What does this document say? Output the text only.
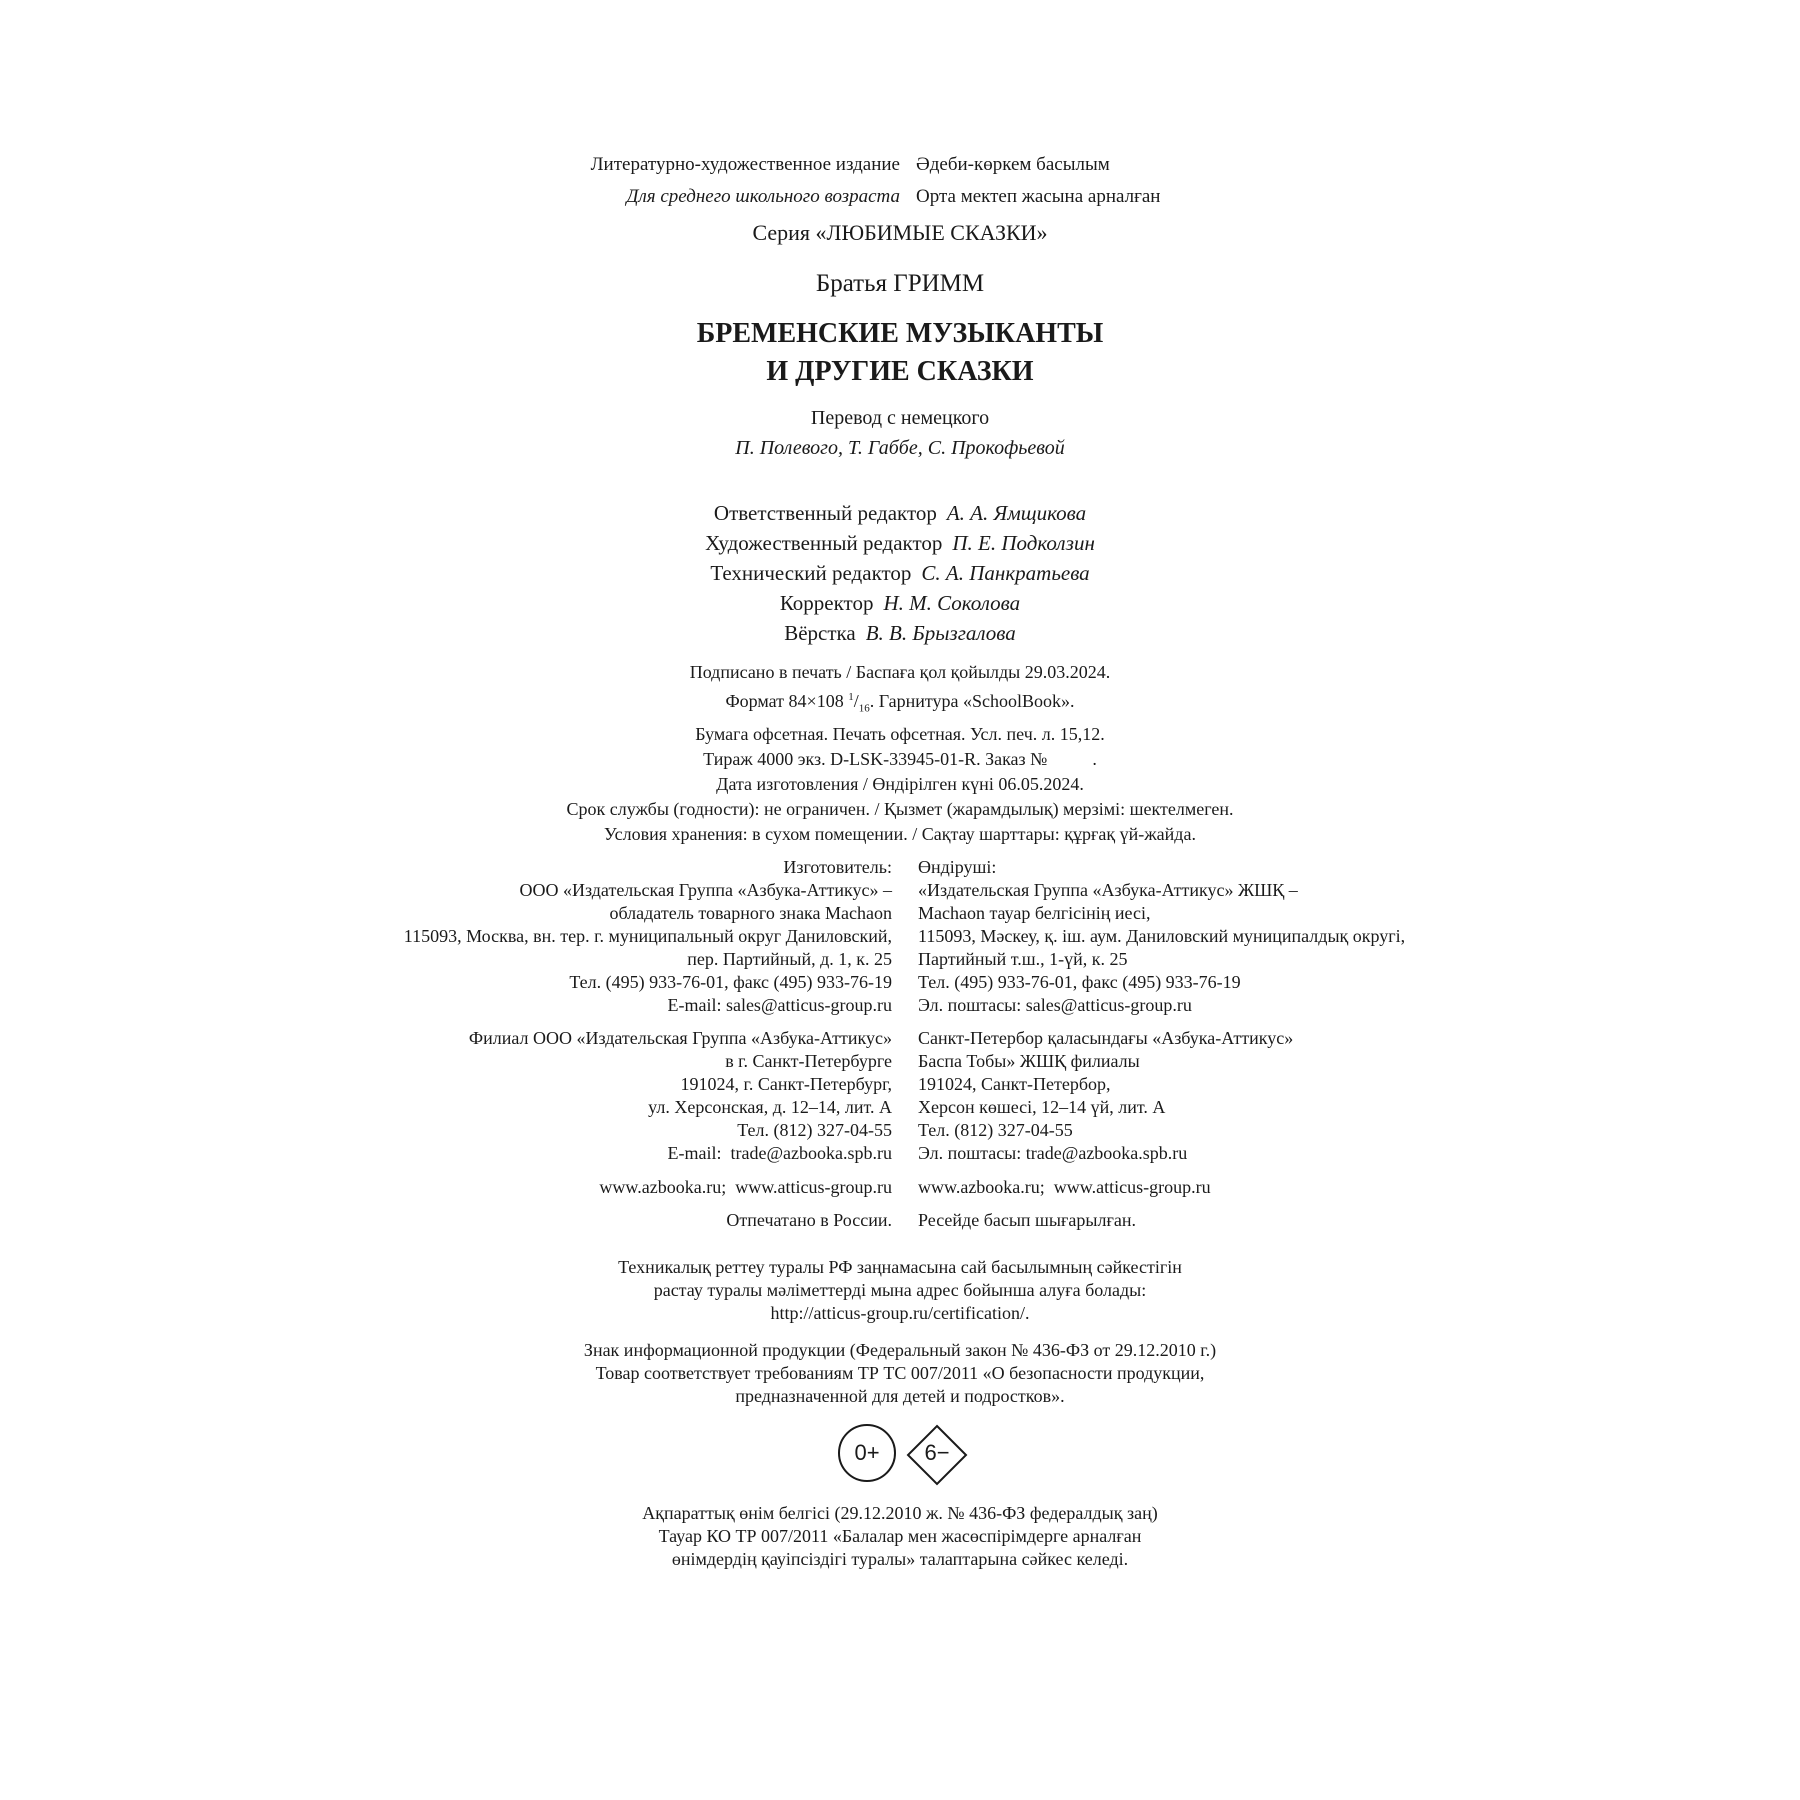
Литературно-художественное издание Әдеби-көркем басылым
Для среднего школьного возраста Орта мектеп жасына арналған
Серия «ЛЮБИМЫЕ СКАЗКИ»
Братья ГРИММ
БРЕМЕНСКИЕ МУЗЫКАНТЫ
И ДРУГИЕ СКАЗКИ
Перевод с немецкого
П. Полевого, Т. Габбе, С. Прокофьевой
Ответственный редактор А. А. Ямщикова
Художественный редактор П. Е. Подколзин
Технический редактор С. А. Панкратьева
Корректор Н. М. Соколова
Вёрстка В. В. Брызгалова
Подписано в печать / Баспаға қол қойылды 29.03.2024.
Формат 84×108 $^1/_{16}$. Гарнитура «SchoolBook».
Бумага офсетная. Печать офсетная. Усл. печ. л. 15,12.
Тираж 4000 экз. D-LSK-33945-01-R. Заказ №          .
Дата изготовления / Өндірілген күні 06.05.2024.
Срок службы (годности): не ограничен. / Қызмет (жарамдылық) мерзімі: шектелмеген.
Условия хранения: в сухом помещении. / Сақтау шарттары: құрғақ үй-жайда.
Изготовитель:
ООО «Издательская Группа «Азбука-Аттикус» –
обладатель товарного знака Machaon
115093, Москва, вн. тер. г. муниципальный округ Даниловский,
пер. Партийный, д. 1, к. 25
Тел. (495) 933-76-01, факс (495) 933-76-19
E-mail: sales@atticus-group.ru
Өндіруші:
«Издательская Группа «Азбука-Аттикус» ЖШҚ –
Machaon тауар белгісінің иесі,
115093, Мәскеу, қ. іш. аум. Даниловский муниципалдық округі,
Партийный т.ш., 1-үй, к. 25
Тел. (495) 933-76-01, факс (495) 933-76-19
Эл. поштасы: sales@atticus-group.ru
Филиал ООО «Издательская Группа «Азбука-Аттикус»
в г. Санкт-Петербурге
191024, г. Санкт-Петербург,
ул. Херсонская, д. 12–14, лит. А
Тел. (812) 327-04-55
E-mail:  trade@azbooka.spb.ru
Санкт-Петербор қаласындағы «Азбука-Аттикус»
Баспа Тобы» ЖШҚ филиалы
191024, Санкт-Петербор,
Херсон көшесі, 12–14 үй, лит. А
Тел. (812) 327-04-55
Эл. поштасы: trade@azbooka.spb.ru
www.azbooka.ru;  www.atticus-group.ru www.azbooka.ru;  www.atticus-group.ru
Отпечатано в России. Ресейде басып шығарылған.
Техникалық реттеу туралы РФ заңнамасына сай басылымның сәйкестігін
растау туралы мәліметтерді мына адрес бойынша алуға болады:
http://atticus-group.ru/certification/.
Знак информационной продукции (Федеральный закон № 436-ФЗ от 29.12.2010 г.)
Товар соответствует требованиям ТР ТС 007/2011 «О безопасности продукции,
предназначенной для детей и подростков».
0+	6−
Ақпараттық өнім белгісі (29.12.2010 ж. № 436-ФЗ федералдық заң)
Тауар КО ТР 007/2011 «Балалар мен жасөспірімдерге арналған
өнімдердің қауіпсіздігі туралы» талаптарына сәйкес келеді.
